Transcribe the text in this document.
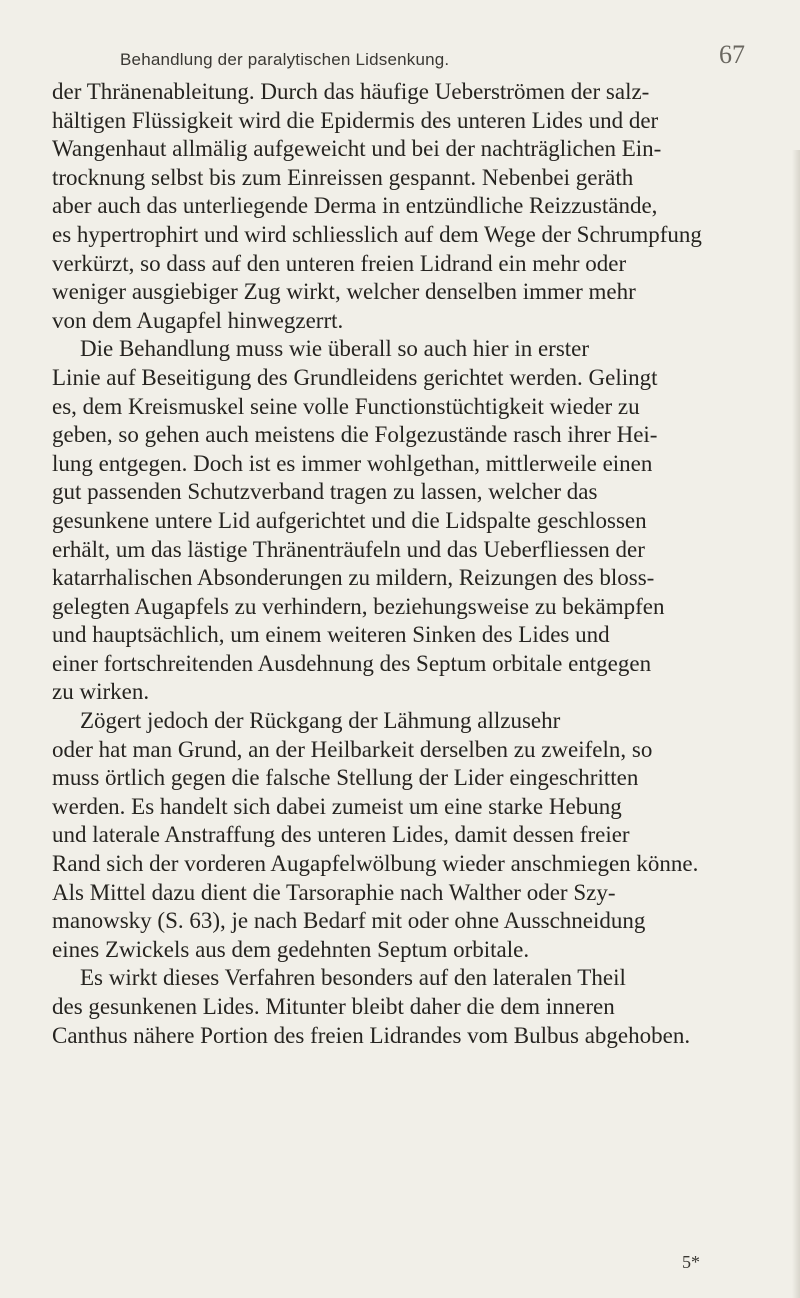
Behandlung der paralytischen Lidsenkung.	67
der Thränenableitung. Durch das häufige Ueberströmen der salz-
hältigen Flüssigkeit wird die Epidermis des unteren Lides und der
Wangenhaut allmälig aufgeweicht und bei der nachträglichen Ein-
trocknung selbst bis zum Einreissen gespannt. Nebenbei geräth
aber auch das unterliegende Derma in entzündliche Reizzustände,
es hypertrophirt und wird schliesslich auf dem Wege der Schrumpfung
verkürzt, so dass auf den unteren freien Lidrand ein mehr oder
weniger ausgiebiger Zug wirkt, welcher denselben immer mehr
von dem Augapfel hinwegzerrt.
Die Behandlung muss wie überall so auch hier in erster
Linie auf Beseitigung des Grundleidens gerichtet werden. Gelingt
es, dem Kreismuskel seine volle Functionstüchtigkeit wieder zu
geben, so gehen auch meistens die Folgezustände rasch ihrer Hei-
lung entgegen. Doch ist es immer wohlgethan, mittlerweile einen
gut passenden Schutzverband tragen zu lassen, welcher das
gesunkene untere Lid aufgerichtet und die Lidspalte geschlossen
erhält, um das lästige Thränenträufeln und das Ueberfliessen der
katarrhalischen Absonderungen zu mildern, Reizungen des bloss-
gelegten Augapfels zu verhindern, beziehungsweise zu bekämpfen
und hauptsächlich, um einem weiteren Sinken des Lides und
einer fortschreitenden Ausdehnung des Septum orbitale entgegen
zu wirken.
Zögert jedoch der Rückgang der Lähmung allzusehr
oder hat man Grund, an der Heilbarkeit derselben zu zweifeln, so
muss örtlich gegen die falsche Stellung der Lider eingeschritten
werden. Es handelt sich dabei zumeist um eine starke Hebung
und laterale Anstraffung des unteren Lides, damit dessen freier
Rand sich der vorderen Augapfelwölbung wieder anschmiegen könne.
Als Mittel dazu dient die Tarsoraphie nach Walther oder Szy-
manowsky (S. 63), je nach Bedarf mit oder ohne Ausschneidung
eines Zwickels aus dem gedehnten Septum orbitale.
Es wirkt dieses Verfahren besonders auf den lateralen Theil
des gesunkenen Lides. Mitunter bleibt daher die dem inneren
Canthus nähere Portion des freien Lidrandes vom Bulbus abgehoben.
5*
